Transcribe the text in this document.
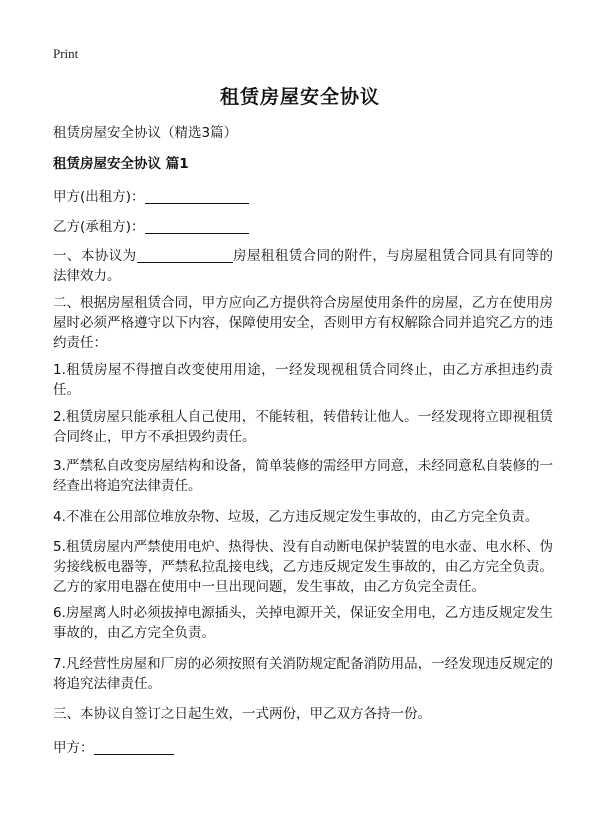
Print
租赁房屋安全协议
租赁房屋安全协议（精选3篇）
租赁房屋安全协议 篇1
甲方(出租方)：
乙方(承租方)：
一、本协议为	房屋租租赁合同的附件，与房屋租赁合同具有同等的法律效力。
二、根据房屋租赁合同，甲方应向乙方提供符合房屋使用条件的房屋，乙方在使用房屋时必须严格遵守以下内容，保障使用安全，否则甲方有权解除合同并追究乙方的违约责任：
1.租赁房屋不得擅自改变使用用途，一经发现视租赁合同终止，由乙方承担违约责任。
2.租赁房屋只能承租人自己使用，不能转租，转借转让他人。一经发现将立即视租赁合同终止，甲方不承担毁约责任。
3.严禁私自改变房屋结构和设备，简单装修的需经甲方同意，未经同意私自装修的一经查出将追究法律责任。
4.不准在公用部位堆放杂物、垃圾，乙方违反规定发生事故的，由乙方完全负责。
5.租赁房屋内严禁使用电炉、热得快、没有自动断电保护装置的电水壶、电水杯、伪劣接线板电器等，严禁私拉乱接电线，乙方违反规定发生事故的，由乙方完全负责。乙方的家用电器在使用中一旦出现问题，发生事故，由乙方负完全责任。
6.房屋离人时必须拔掉电源插头，关掉电源开关，保证安全用电，乙方违反规定发生事故的，由乙方完全负责。
7.凡经营性房屋和厂房的必须按照有关消防规定配备消防用品，一经发现违反规定的将追究法律责任。
三、本协议自签订之日起生效，一式两份，甲乙双方各持一份。
甲方：
